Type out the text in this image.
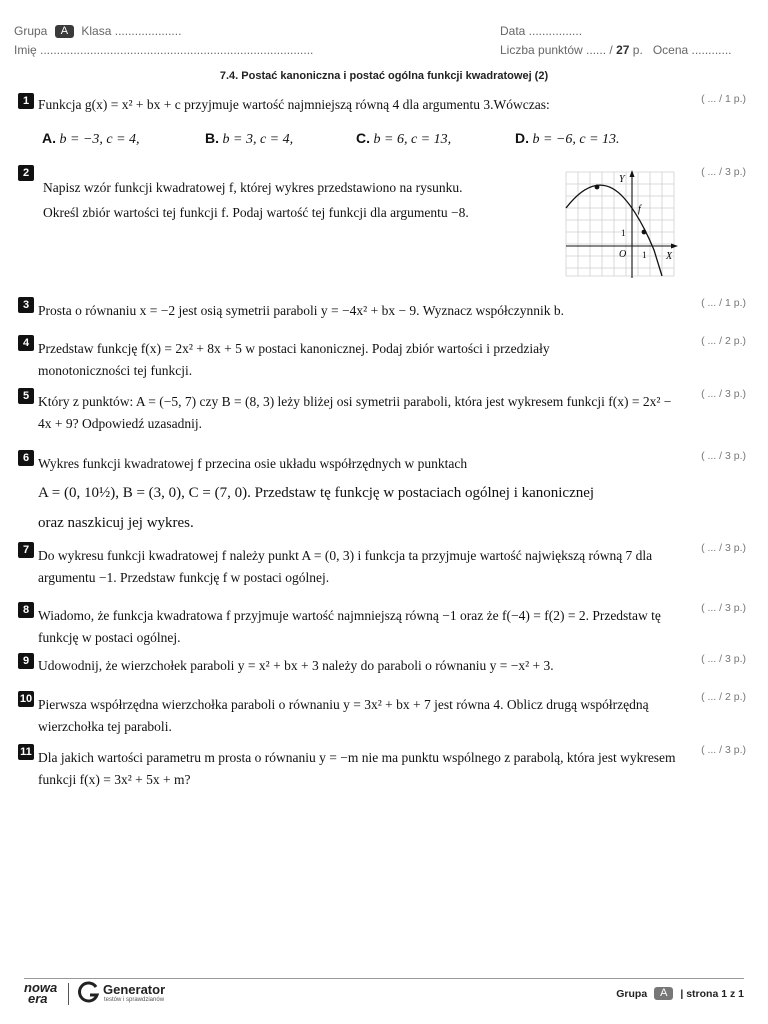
Grupa A Klasa ....................
Imię ..................................................................................
Data ................
Liczba punktów ...... / 27 p. Ocena ............
7.4. Postać kanoniczna i postać ogólna funkcji kwadratowej (2)
1	( ... / 1 p.)
Funkcja g(x) = x² + bx + c przyjmuje wartość najmniejszą równą 4 dla argumentu 3.Wówczas:
A. b = −3, c = 4,	B. b = 3, c = 4,	C. b = 6, c = 13,	D. b = −6, c = 13.
2	( ... / 3 p.)
Napisz wzór funkcji kwadratowej f, której wykres przedstawiono na rysunku.
Określ zbiór wartości tej funkcji f. Podaj wartość tej funkcji dla argumentu −8.
Y
X
O 1
1
f
3	( ... / 1 p.)
Prosta o równaniu x = −2 jest osią symetrii paraboli y = −4x² + bx − 9. Wyznacz współczynnik b.
4	( ... / 2 p.)
Przedstaw funkcję f(x) = 2x² + 8x + 5 w postaci kanonicznej. Podaj zbiór wartości i przedziały monotoniczności tej funkcji.
5	( ... / 3 p.)
Który z punktów: A = (−5, 7) czy B = (8, 3) leży bliżej osi symetrii paraboli, która jest wykresem funkcji f(x) = 2x² − 4x + 9? Odpowiedź uzasadnij.
6	( ... / 3 p.)
Wykres funkcji kwadratowej f przecina osie układu współrzędnych w punktach
A = (0, 10½), B = (3, 0), C = (7, 0). Przedstaw tę funkcję w postaciach ogólnej i kanonicznej
oraz naszkicuj jej wykres.
7	( ... / 3 p.)
Do wykresu funkcji kwadratowej f należy punkt A = (0, 3) i funkcja ta przyjmuje wartość największą równą 7 dla argumentu −1. Przedstaw funkcję f w postaci ogólnej.
8	( ... / 3 p.)
Wiadomo, że funkcja kwadratowa f przyjmuje wartość najmniejszą równą −1 oraz że f(−4) = f(2) = 2. Przedstaw tę funkcję w postaci ogólnej.
9	( ... / 3 p.)
Udowodnij, że wierzchołek paraboli y = x² + bx + 3 należy do paraboli o równaniu y = −x² + 3.
10	( ... / 2 p.)
Pierwsza współrzędna wierzchołka paraboli o równaniu y = 3x² + bx + 7 jest równa 4. Oblicz drugą współrzędną wierzchołka tej paraboli.
11	( ... / 3 p.)
Dla jakich wartości parametru m prosta o równaniu y = −m nie ma punktu wspólnego z parabolą, która jest wykresem funkcji f(x) = 3x² + 5x + m?
nowa
era
Generator
testów i sprawdzianów	Grupa A | strona 1 z 1
